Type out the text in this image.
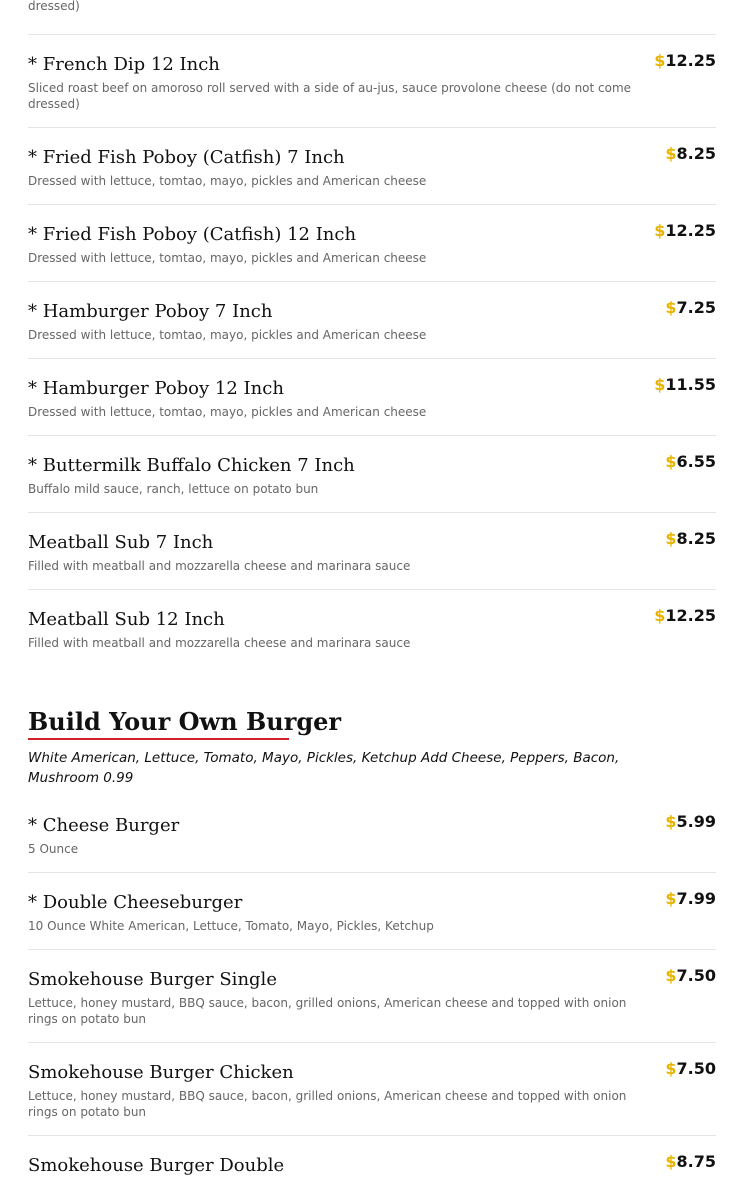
dressed)
* French Dip 12 Inch
Sliced roast beef on amoroso roll served with a side of au-jus, sauce provolone cheese (do not come dressed)
$12.25
* Fried Fish Poboy (Catfish) 7 Inch
Dressed with lettuce, tomtao, mayo, pickles and American cheese
$8.25
* Fried Fish Poboy (Catfish) 12 Inch
Dressed with lettuce, tomtao, mayo, pickles and American cheese
$12.25
* Hamburger Poboy 7 Inch
Dressed with lettuce, tomtao, mayo, pickles and American cheese
$7.25
* Hamburger Poboy 12 Inch
Dressed with lettuce, tomtao, mayo, pickles and American cheese
$11.55
* Buttermilk Buffalo Chicken 7 Inch
Buffalo mild sauce, ranch, lettuce on potato bun
$6.55
Meatball Sub 7 Inch
Filled with meatball and mozzarella cheese and marinara sauce
$8.25
Meatball Sub 12 Inch
Filled with meatball and mozzarella cheese and marinara sauce
$12.25
Build Your Own Burger
White American, Lettuce, Tomato, Mayo, Pickles, Ketchup Add Cheese, Peppers, Bacon, Mushroom 0.99
* Cheese Burger
5 Ounce
$5.99
* Double Cheeseburger
10 Ounce White American, Lettuce, Tomato, Mayo, Pickles, Ketchup
$7.99
Smokehouse Burger Single
Lettuce, honey mustard, BBQ sauce, bacon, grilled onions, American cheese and topped with onion rings on potato bun
$7.50
Smokehouse Burger Chicken
Lettuce, honey mustard, BBQ sauce, bacon, grilled onions, American cheese and topped with onion rings on potato bun
$7.50
Smokehouse Burger Double	$8.75
